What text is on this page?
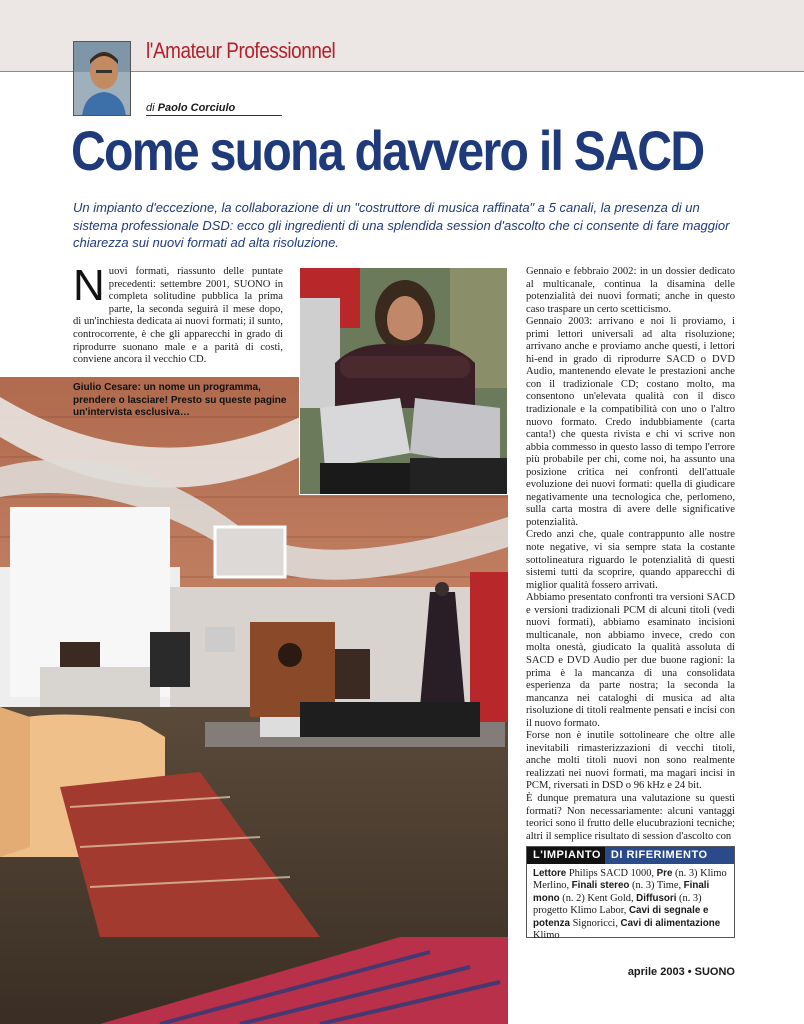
l'Amateur Professionnel
di Paolo Corciulo
Come suona davvero il SACD

Un impianto d'eccezione, la collaborazione di un "costruttore di musica raffinata" a 5 canali, la presenza di un sistema professionale DSD: ecco gli ingredienti di una splendida session d'ascolto che ci consente di fare maggior chiarezza sui nuovi formati ad alta risoluzione.

Nuovi formati, riassunto delle puntate precedenti: settembre 2001, SUONO in completa solitudine pubblica la prima parte, la seconda seguirà il mese dopo, di un'inchiesta dedicata ai nuovi formati; il sunto, controcorrente, è che gli apparecchi in grado di riprodurre suonano male e a parità di costi, conviene ancora il vecchio CD.
Giulio Cesare: un nome un programma, prendere o lasciare! Presto su queste pagine un'intervista esclusiva…

Gennaio e febbraio 2002: in un dossier dedicato al multicanale, continua la disamina delle potenzialità dei nuovi formati; anche in questo caso traspare un certo scetticismo.

Gennaio 2003: arrivano e noi li proviamo, i primi lettori universali ad alta risoluzione; arrivano anche e proviamo anche questi, i lettori hi-end in grado di riprodurre SACD o DVD Audio, mantenendo elevate le prestazioni anche con il tradizionale CD; costano molto, ma consentono un'elevata qualità con il disco tradizionale e la compatibilità con uno o l'altro nuovo formato. Credo indubbiamente (carta canta!) che questa rivista e chi vi scrive non abbia commesso in questo lasso di tempo l'errore più probabile per chi, come noi, ha assunto una posizione critica nei confronti dell'attuale evoluzione dei nuovi formati: quella di giudicare negativamente una tecnologica che, perlomeno, sulla carta mostra di avere delle significative potenzialità.

Credo anzi che, quale contrappunto alle nostre note negative, vi sia sempre stata la costante sottolineatura riguardo le potenzialità di questi sistemi tutti da scoprire, quando apparecchi di miglior qualità fossero arrivati.

Abbiamo presentato confronti tra versioni SACD e versioni tradizionali PCM di alcuni titoli (vedi nuovi formati), abbiamo esaminato incisioni multicanale, non abbiamo invece, credo con molta onestà, giudicato la qualità assoluta di SACD e DVD Audio per due buone ragioni: la prima è la mancanza di una consolidata esperienza da parte nostra; la seconda la mancanza nei cataloghi di musica ad alta risoluzione di titoli realmente pensati e incisi con il nuovo formato.

Forse non è inutile sottolineare che oltre alle inevitabili rimasterizzazioni di vecchi titoli, anche molti titoli nuovi non sono realmente realizzati nei nuovi formati, ma magari incisi in PCM, riversati in DSD o 96 kHz e 24 bit.

È dunque prematura una valutazione su questi formati? Non necessariamente: alcuni vantaggi teorici sono il frutto delle elucubrazioni tecniche; altri il semplice risultato di session d'ascolto con

L'IMPIANTO DI RIFERIMENTO
Lettore Philips SACD 1000, Pre (n. 3) Klimo Merlino, Finali stereo (n. 3) Time, Finali mono (n. 2) Kent Gold, Diffusori (n. 3) progetto Klimo Labor, Cavi di segnale e potenza Signoricci, Cavi di alimentazione Klimo
aprile 2003 • SUONO
